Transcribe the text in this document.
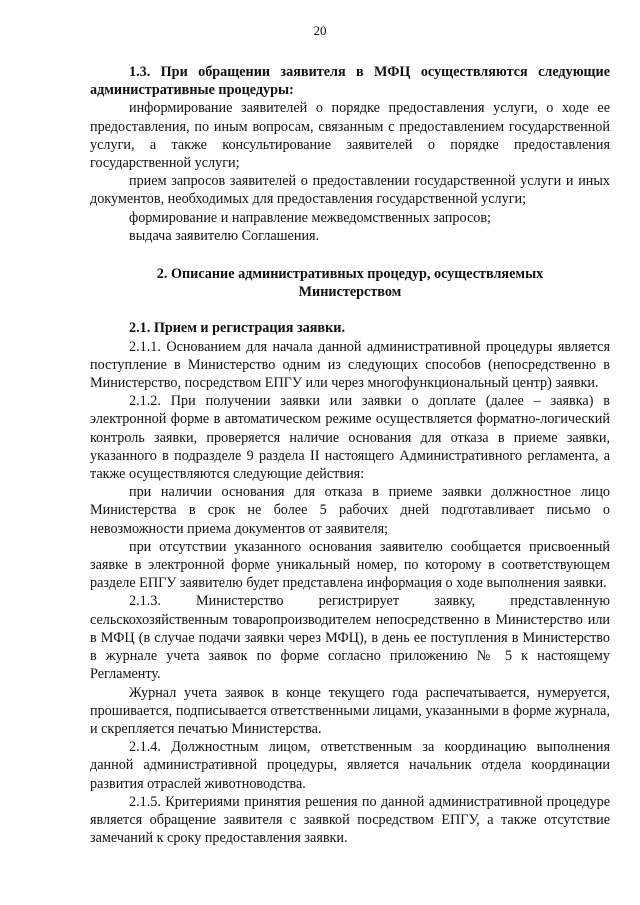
20

1.3. При обращении заявителя в МФЦ осуществляются следующие административные процедуры:

информирование заявителей о порядке предоставления услуги, о ходе ее предоставления, по иным вопросам, связанным с предоставлением государственной услуги, а также консультирование заявителей о порядке предоставления государственной услуги;

прием запросов заявителей о предоставлении государственной услуги и иных документов, необходимых для предоставления государственной услуги;

формирование и направление межведомственных запросов;

выдача заявителю Соглашения.

2. Описание административных процедур, осуществляемых Министерством

2.1. Прием и регистрация заявки.

2.1.1. Основанием для начала данной административной процедуры является поступление в Министерство одним из следующих способов (непосредственно в Министерство, посредством ЕПГУ или через многофункциональный центр) заявки.

2.1.2. При получении заявки или заявки о доплате (далее – заявка) в электронной форме в автоматическом режиме осуществляется форматно-логический контроль заявки, проверяется наличие основания для отказа в приеме заявки, указанного в подразделе 9 раздела II настоящего Административного регламента, а также осуществляются следующие действия:

при наличии основания для отказа в приеме заявки должностное лицо Министерства в срок не более 5 рабочих дней подготавливает письмо о невозможности приема документов от заявителя;

при отсутствии указанного основания заявителю сообщается присвоенный заявке в электронной форме уникальный номер, по которому в соответствующем разделе ЕПГУ заявителю будет представлена информация о ходе выполнения заявки.

2.1.3. Министерство регистрирует заявку, представленную сельскохозяйственным товаропроизводителем непосредственно в Министерство или в МФЦ (в случае подачи заявки через МФЦ), в день ее поступления в Министерство в журнале учета заявок по форме согласно приложению № 5 к настоящему Регламенту.

Журнал учета заявок в конце текущего года распечатывается, нумеруется, прошивается, подписывается ответственными лицами, указанными в форме журнала, и скрепляется печатью Министерства.

2.1.4. Должностным лицом, ответственным за координацию выполнения данной административной процедуры, является начальник отдела координации развития отраслей животноводства.

2.1.5. Критериями принятия решения по данной административной процедуре является обращение заявителя с заявкой посредством ЕПГУ, а также отсутствие замечаний к сроку предоставления заявки.
